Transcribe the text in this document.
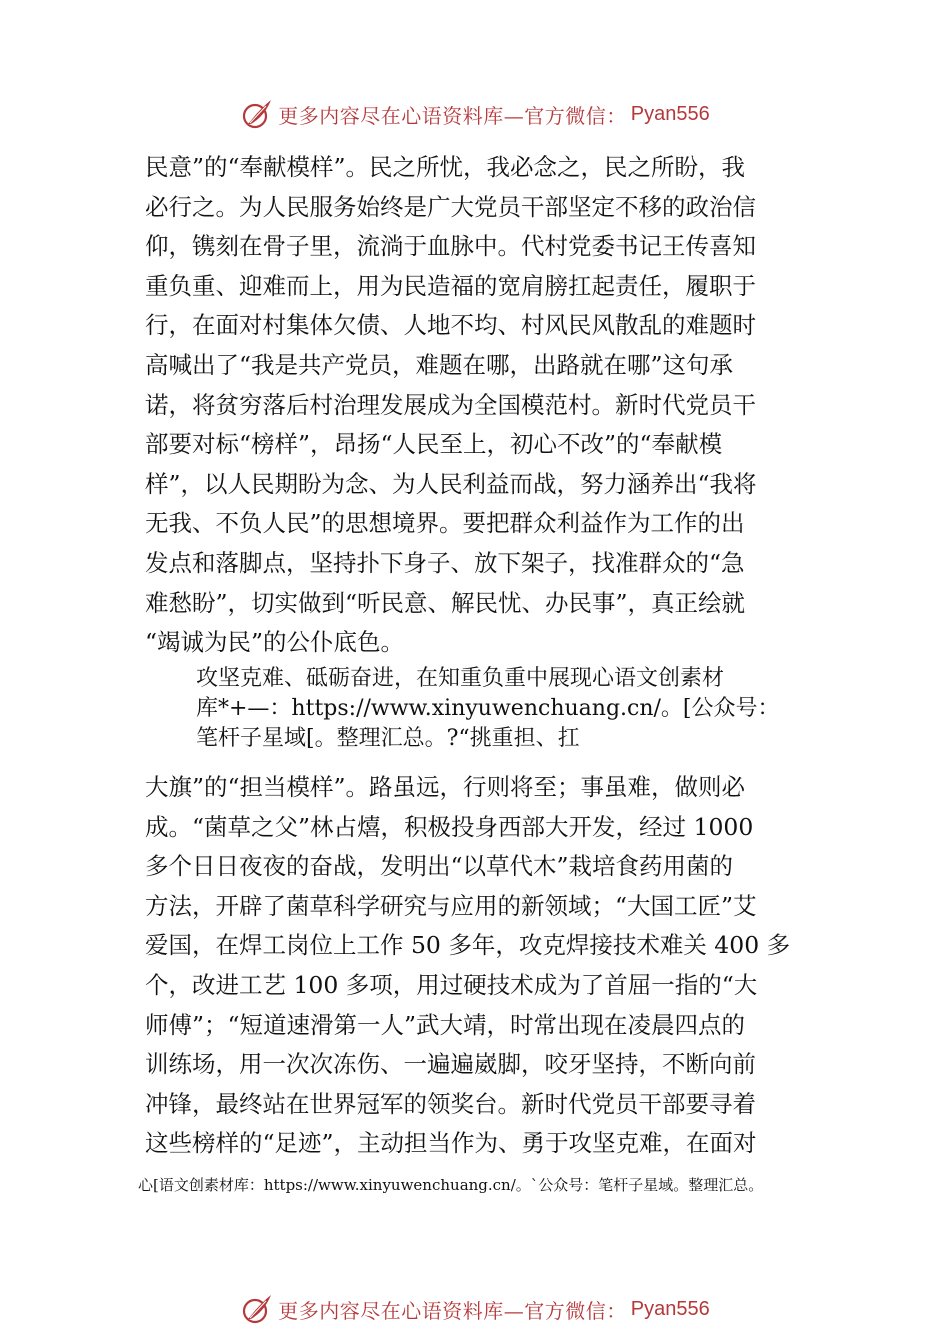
更多内容尽在心语资料库—官方微信： Pyan556

民意”的“奉献模样”。民之所忧，我必念之，民之所盼，我
必行之。为人民服务始终是广大党员干部坚定不移的政治信
仰，镌刻在骨子里，流淌于血脉中。代村党委书记王传喜知
重负重、迎难而上，用为民造福的宽肩膀扛起责任，履职于
行，在面对村集体欠债、人地不均、村风民风散乱的难题时
高喊出了“我是共产党员，难题在哪，出路就在哪”这句承
诺，将贫穷落后村治理发展成为全国模范村。新时代党员干
部要对标“榜样”，昂扬“人民至上，初心不改”的“奉献模
样”，以人民期盼为念、为人民利益而战，努力涵养出“我将
无我、不负人民”的思想境界。要把群众利益作为工作的出
发点和落脚点，坚持扑下身子、放下架子，找准群众的“急
难愁盼”，切实做到“听民意、解民忧、办民事”，真正绘就
“竭诚为民”的公仆底色。

攻坚克难、砥砺奋进，在知重负重中展现心语文创素材
库*+—：https://www.xinyuwenchuang.cn/。[公众号：
笔杆子星域[。整理汇总。?“挑重担、扛

大旗”的“担当模样”。路虽远，行则将至；事虽难，做则必
成。“菌草之父”林占熺，积极投身西部大开发，经过 1000
多个日日夜夜的奋战，发明出“以草代木”栽培食药用菌的
方法，开辟了菌草科学研究与应用的新领域；“大国工匠”艾
爱国，在焊工岗位上工作 50 多年，攻克焊接技术难关 400 多
个，改进工艺 100 多项，用过硬技术成为了首屈一指的“大
师傅”；“短道速滑第一人”武大靖，时常出现在凌晨四点的
训练场，用一次次冻伤、一遍遍崴脚，咬牙坚持，不断向前
冲锋，最终站在世界冠军的领奖台。新时代党员干部要寻着
这些榜样的“足迹”，主动担当作为、勇于攻坚克难，在面对

心[语文创素材库：https://www.xinyuwenchuang.cn/。`公众号：笔杆子星域。整理汇总。
更多内容尽在心语资料库—官方微信： Pyan556
